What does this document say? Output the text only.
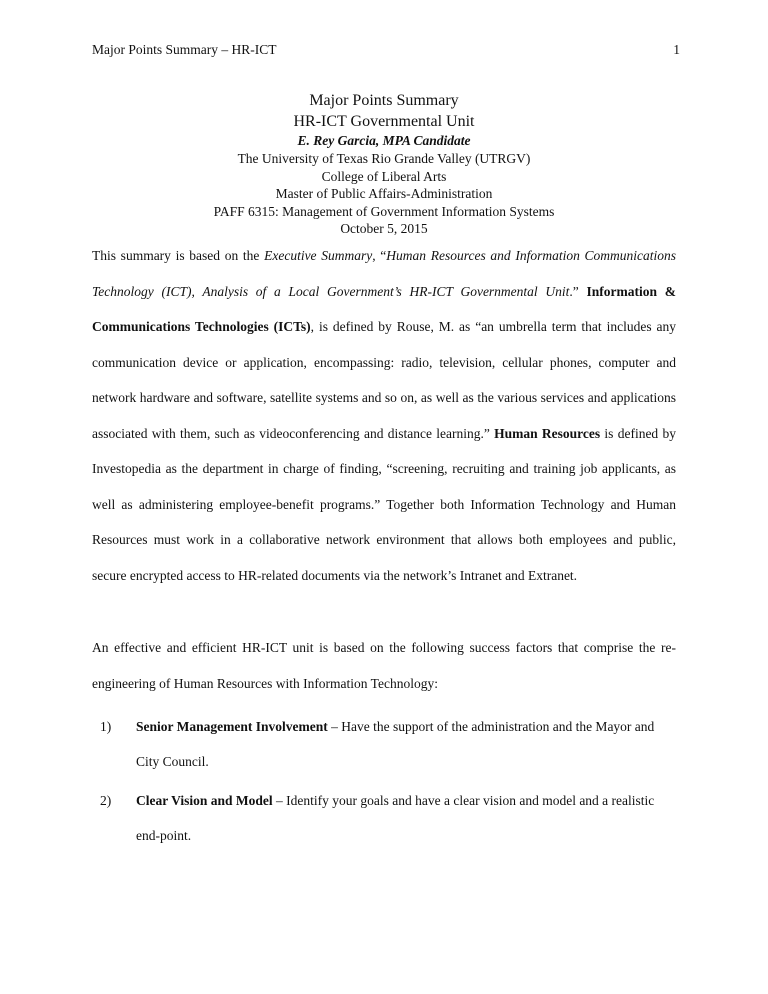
Major Points Summary – HR-ICT	1
Major Points Summary
HR-ICT Governmental Unit
E. Rey Garcia, MPA Candidate
The University of Texas Rio Grande Valley (UTRGV)
College of Liberal Arts
Master of Public Affairs-Administration
PAFF 6315: Management of Government Information Systems
October 5, 2015
This summary is based on the Executive Summary, “Human Resources and Information Communications Technology (ICT), Analysis of a Local Government’s HR-ICT Governmental Unit.” Information & Communications Technologies (ICTs), is defined by Rouse, M. as “an umbrella term that includes any communication device or application, encompassing: radio, television, cellular phones, computer and network hardware and software, satellite systems and so on, as well as the various services and applications associated with them, such as videoconferencing and distance learning.” Human Resources is defined by Investopedia as the department in charge of finding, “screening, recruiting and training job applicants, as well as administering employee-benefit programs.” Together both Information Technology and Human Resources must work in a collaborative network environment that allows both employees and public, secure encrypted access to HR-related documents via the network’s Intranet and Extranet.
An effective and efficient HR-ICT unit is based on the following success factors that comprise the re-engineering of Human Resources with Information Technology:
1) Senior Management Involvement – Have the support of the administration and the Mayor and City Council.
2) Clear Vision and Model – Identify your goals and have a clear vision and model and a realistic end-point.
